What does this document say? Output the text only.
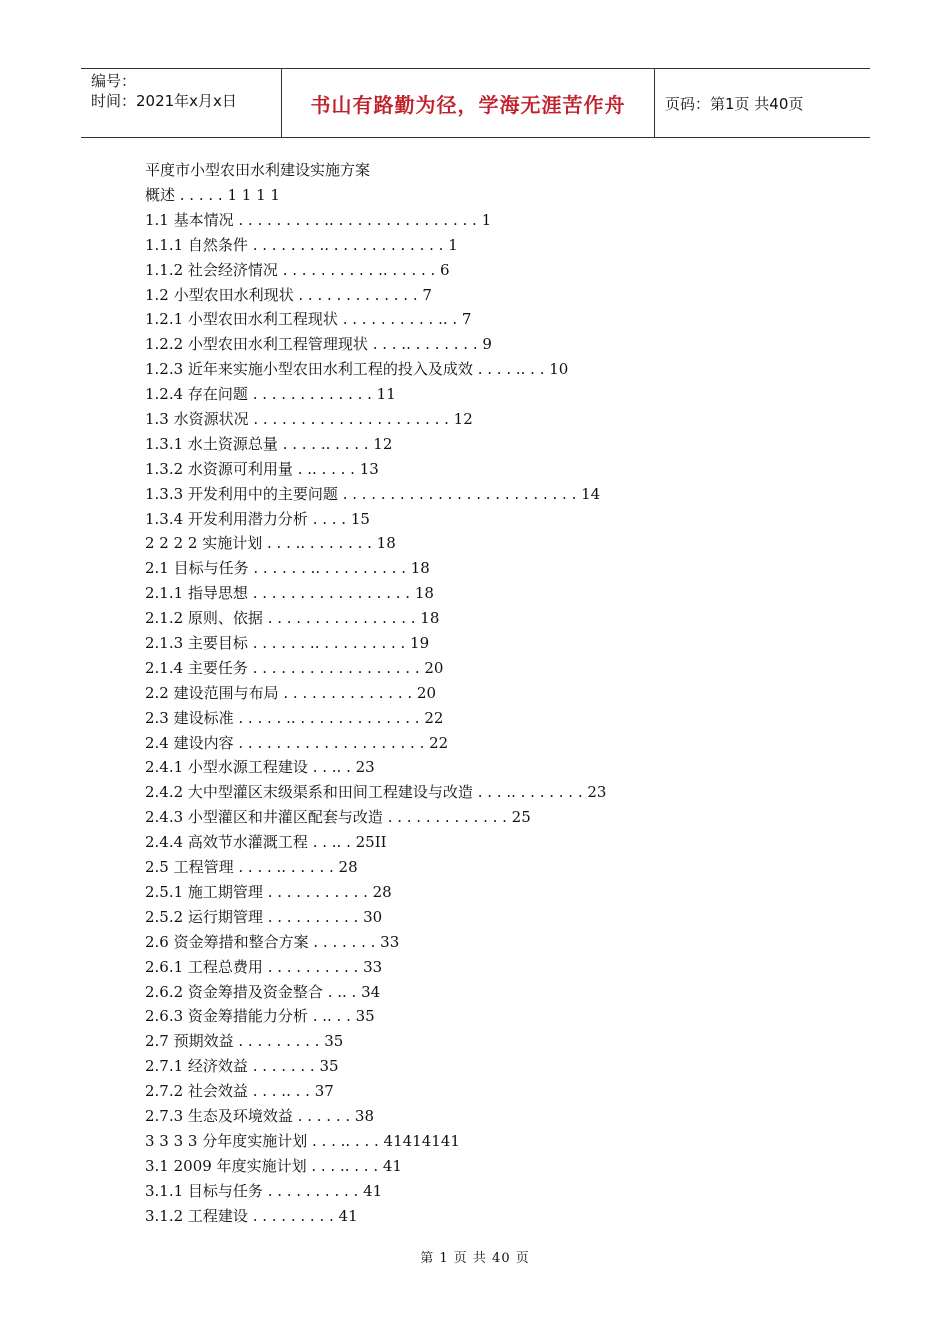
编号：
时间：2021年x月x日	书山有路勤为径，学海无涯苦作舟	页码：第1页 共40页
平度市小型农田水利建设实施方案
概述 . . . . . 1 1 1 1
1.1 基本情况 . . . . . . . . . .. . . . . . . . . . . . . . . . 1
1.1.1 自然条件 . . . . . . . .. . . . . . . . . . . . . 1
1.1.2 社会经济情况 . . . . . . . . . . .. . . . . . 6
1.2 小型农田水利现状 . . . . . . . . . . . . . 7
1.2.1 小型农田水利工程现状 . . . . . . . . . . .. . 7
1.2.2 小型农田水利工程管理现状 . . . .. . . . . . . . 9
1.2.3 近年来实施小型农田水利工程的投入及成效 . . . . .. . . 10
1.2.4 存在问题 . . . . . . . . . . . . . 11
1.3 水资源状况 . . . . . . . . . . . . . . . . . . . . . 12
1.3.1 水土资源总量 . . . . .. . . . . 12
1.3.2 水资源可利用量 . .. . . . . 13
1.3.3 开发利用中的主要问题 . . . . . . . . . . . . . . . . . . . . . . . . . 14
1.3.4 开发利用潜力分析 . . . . 15
2 2 2 2 实施计划 . . . .. . . . . . . . 18
2.1 目标与任务 . . . . . . .. . . . . . . . . . 18
2.1.1 指导思想 . . . . . . . . . . . . . . . . . 18
2.1.2 原则、依据 . . . . . . . . . . . . . . . . 18
2.1.3 主要目标 . . . . . . .. . . . . . . . . . 19
2.1.4 主要任务 . . . . . . . . . . . . . . . . . . 20
2.2 建设范围与布局 . . . . . . . . . . . . . . 20
2.3 建设标准 . . . . . .. . . . . . . . . . . . . . 22
2.4 建设内容 . . . . . . . . . . . . . . . . . . . . 22
2.4.1 小型水源工程建设 . . .. . 23
2.4.2 大中型灌区末级渠系和田间工程建设与改造 . . . .. . . . . . . . 23
2.4.3 小型灌区和井灌区配套与改造 . . . . . . . . . . . . . 25
2.4.4 高效节水灌溉工程 . . .. . 25II
2.5 工程管理 . . . . .. . . . . . 28
2.5.1 施工期管理 . . . . . . . . . . . 28
2.5.2 运行期管理 . . . . . . . . . . 30
2.6 资金筹措和整合方案 . . . . . . . 33
2.6.1 工程总费用 . . . . . . . . . . 33
2.6.2 资金筹措及资金整合 . .. . 34
2.6.3 资金筹措能力分析 . .. . . 35
2.7 预期效益 . . . . . . . . . 35
2.7.1 经济效益 . . . . . . . 35
2.7.2 社会效益 . . . .. . . 37
2.7.3 生态及环境效益 . . . . . . 38
3 3 3 3 分年度实施计划 . . . .. . . . 41414141
3.1 2009 年度实施计划 . . . .. . . . 41
3.1.1 目标与任务 . . . . . . . . . . 41
3.1.2 工程建设 . . . . . . . . . 41
第 1 页 共 40 页
